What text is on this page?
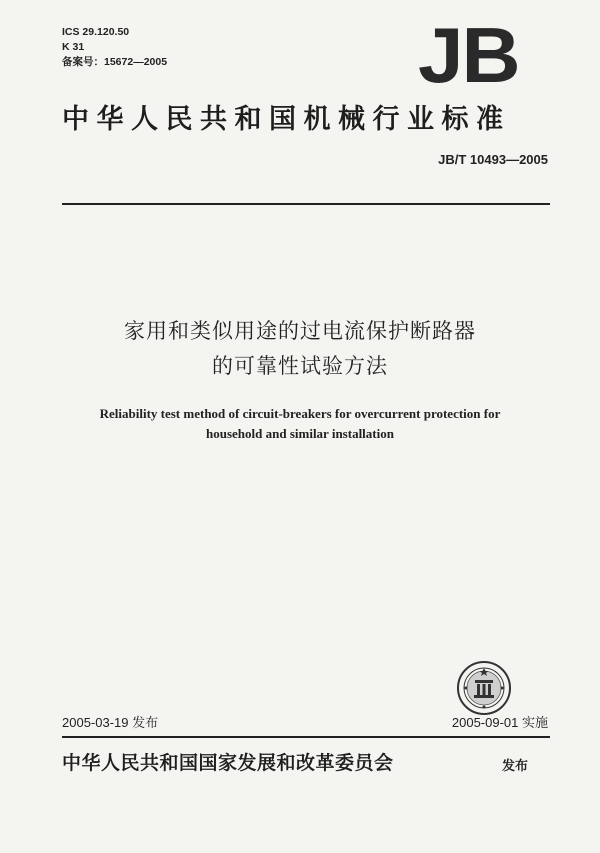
ICS 29.120.50
K 31
备案号：15672—2005	JB
中华人民共和国机械行业标准
JB/T 10493—2005
家用和类似用途的过电流保护断路器
的可靠性试验方法
Reliability test method of circuit-breakers for overcurrent protection for
household and similar installation
2005-03-19 发布	2005-09-01 实施
中华人民共和国国家发展和改革委员会	发布
